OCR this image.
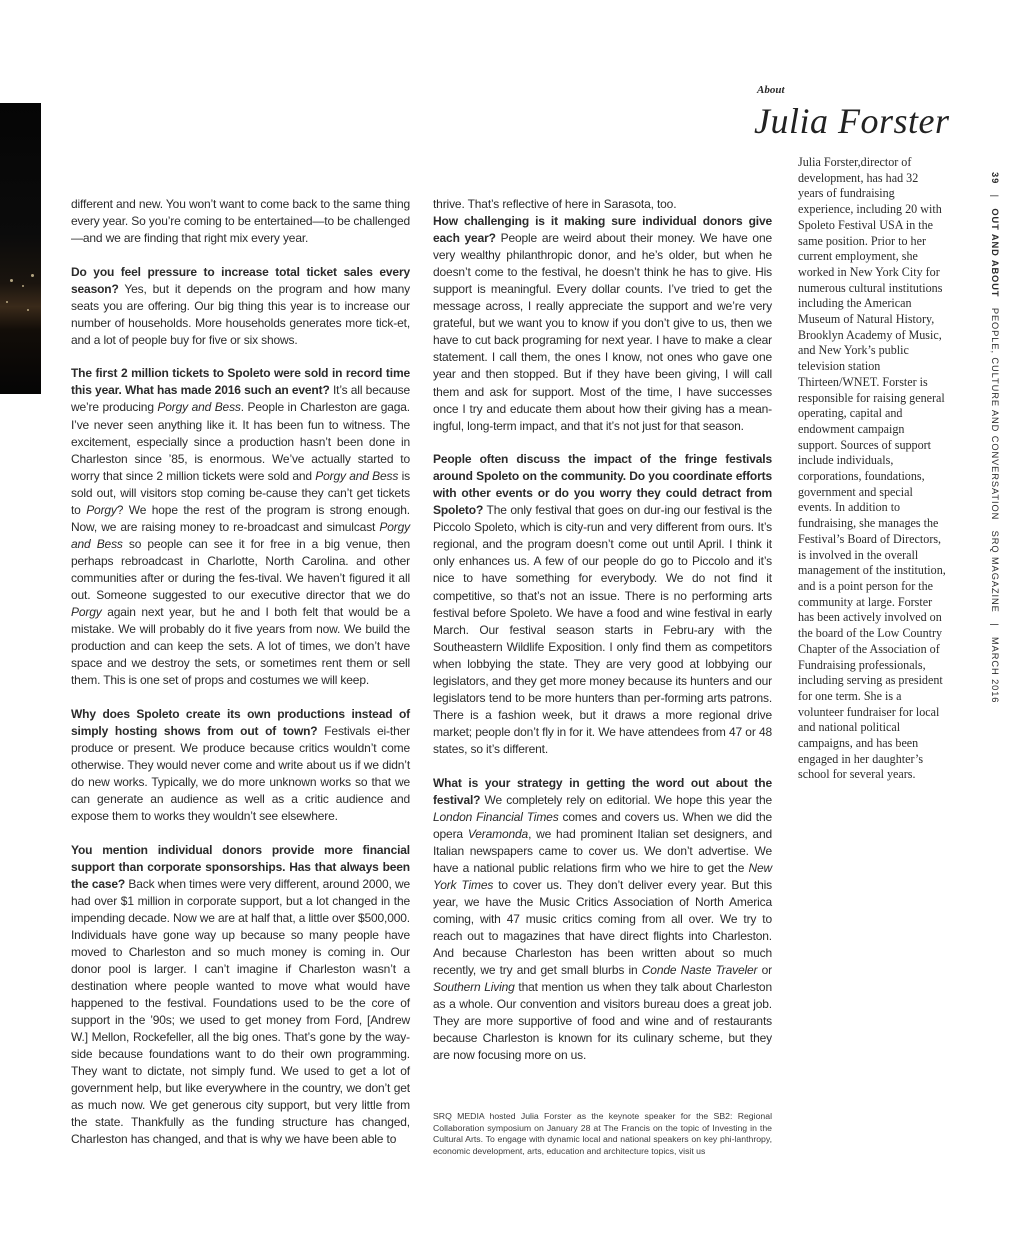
About
Julia Forster
Julia Forster,director of development, has had 32 years of fundraising experience, including 20 with Spoleto Festival USA in the same position. Prior to her current employment, she worked in New York City for numerous cultural institutions including the American Museum of Natural History, Brooklyn Academy of Music, and New York’s public television station Thirteen/WNET. Forster is responsible for raising general operating, capital and endowment campaign support. Sources of support include individuals, corporations, foundations, government and special events. In addition to fundraising, she manages the Festival’s Board of Directors, is involved in the overall management of the institution, and is a point person for the community at large. Forster has been actively involved on the board of the Low Country Chapter of the Association of Fundraising professionals, including serving as president for one term. She is a volunteer fundraiser for local and national political campaigns, and has been engaged in her daughter’s school for several years.
39   |   OUT AND ABOUT   PEOPLE, CULTURE AND CONVERSATION   SRQ MAGAZINE   |   MARCH 2016

different and new. You won’t want to come back to the same thing every year. So you’re coming to be entertained—to be challenged—and we are finding that right mix every year.

Do you feel pressure to increase total ticket sales every season? Yes, but it depends on the program and how many seats you are offering. Our big thing this year is to increase our number of households. More households generates more tick-et, and a lot of people buy for five or six shows.

The first 2 million tickets to Spoleto were sold in record time this year. What has made 2016 such an event? It’s all because we’re producing Porgy and Bess. People in Charleston are gaga. I’ve never seen anything like it. It has been fun to witness. The excitement, especially since a production hasn’t been done in Charleston since ’85, is enormous. We’ve actually started to worry that since 2 million tickets were sold and Porgy and Bess is sold out, will visitors stop coming be-cause they can’t get tickets to Porgy? We hope the rest of the program is strong enough. Now, we are raising money to re-broadcast and simulcast Porgy and Bess so people can see it for free in a big venue, then perhaps rebroadcast in Charlotte, North Carolina. and other communities after or during the fes-tival. We haven’t figured it all out. Someone suggested to our executive director that we do Porgy again next year, but he and I both felt that would be a mistake. We will probably do it five years from now. We build the production and can keep the sets. A lot of times, we don’t have space and we destroy the sets, or sometimes rent them or sell them. This is one set of props and costumes we will keep.

Why does Spoleto create its own productions instead of simply hosting shows from out of town? Festivals ei-ther produce or present. We produce because critics wouldn’t come otherwise. They would never come and write about us if we didn’t do new works. Typically, we do more unknown works so that we can generate an audience as well as a critic audience and expose them to works they wouldn’t see elsewhere.

You mention individual donors provide more financial support than corporate sponsorships. Has that always been the case? Back when times were very different, around 2000, we had over $1 million in corporate support, but a lot changed in the impending decade. Now we are at half that, a little over $500,000. Individuals have gone way up because so many people have moved to Charleston and so much money is coming in. Our donor pool is larger. I can’t imagine if Charleston wasn’t a destination where people wanted to move what would have happened to the festival. Foundations used to be the core of support in the ’90s; we used to get money from Ford, [Andrew W.] Mellon, Rockefeller, all the big ones. That’s gone by the way-side because foundations want to do their own programming. They want to dictate, not simply fund. We used to get a lot of government help, but like everywhere in the country, we don’t get as much now. We get generous city support, but very little from the state. Thankfully as the funding structure has changed, Charleston has changed, and that is why we have been able to

thrive. That’s reflective of here in Sarasota, too.

How challenging is it making sure individual donors give each year? People are weird about their money. We have one very wealthy philanthropic donor, and he’s older, but when he doesn’t come to the festival, he doesn’t think he has to give. His support is meaningful. Every dollar counts. I’ve tried to get the message across, I really appreciate the support and we’re very grateful, but we want you to know if you don’t give to us, then we have to cut back programing for next year. I have to make a clear statement. I call them, the ones I know, not ones who gave one year and then stopped. But if they have been giving, I will call them and ask for support. Most of the time, I have successes once I try and educate them about how their giving has a mean-ingful, long-term impact, and that it’s not just for that season.

People often discuss the impact of the fringe festivals around Spoleto on the community. Do you coordinate efforts with other events or do you worry they could detract from Spoleto? The only festival that goes on dur-ing our festival is the Piccolo Spoleto, which is city-run and very different from ours. It’s regional, and the program doesn’t come out until April. I think it only enhances us. A few of our people do go to Piccolo and it’s nice to have something for everybody. We do not find it competitive, so that’s not an issue. There is no performing arts festival before Spoleto. We have a food and wine festival in early March. Our festival season starts in Febru-ary with the Southeastern Wildlife Exposition. I only find them as competitors when lobbying the state. They are very good at lobbying our legislators, and they get more money because its hunters and our legislators tend to be more hunters than per-forming arts patrons. There is a fashion week, but it draws a more regional drive market; people don’t fly in for it. We have attendees from 47 or 48 states, so it’s different.

What is your strategy in getting the word out about the festival? We completely rely on editorial. We hope this year the London Financial Times comes and covers us. When we did the opera Veramonda, we had prominent Italian set designers, and Italian newspapers came to cover us. We don’t advertise. We have a national public relations firm who we hire to get the New York Times to cover us. They don’t deliver every year. But this year, we have the Music Critics Association of North America coming, with 47 music critics coming from all over. We try to reach out to magazines that have direct flights into Charleston. And because Charleston has been written about so much recently, we try and get small blurbs in Conde Naste Traveler or Southern Living that mention us when they talk about Charleston as a whole. Our convention and visitors bureau does a great job. They are more supportive of food and wine and of restaurants because Charleston is known for its culinary scheme, but they are now focusing more on us.

SRQ MEDIA hosted Julia Forster as the keynote speaker for the SB2: Regional Collaboration symposium on January 28 at The Francis on the topic of Investing in the Cultural Arts. To engage with dynamic local and national speakers on key phi-lanthropy, economic development, arts, education and architecture topics, visit us
